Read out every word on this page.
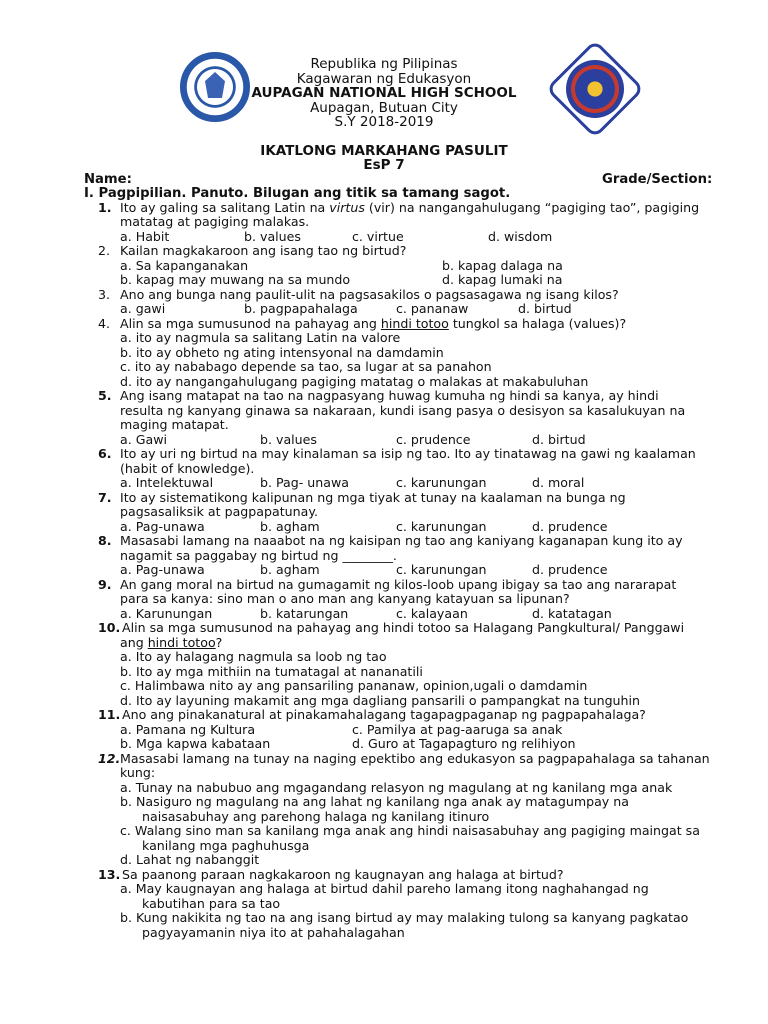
Republika ng Pilipinas
Kagawaran ng Edukasyon
AUPAGAN NATIONAL HIGH SCHOOL
Aupagan, Butuan City
S.Y 2018-2019
IKATLONG MARKAHANG PASULIT
EsP 7
Name:	Grade/Section:
I. Pagpipilian. Panuto. Bilugan ang titik sa tamang sagot.
1. Ito ay galing sa salitang Latin na virtus (vir) na nangangahulugang “pagiging tao”, pagiging
matatag at pagiging malakas.
a. Habit	b. values	c. virtue	d. wisdom
2. Kailan magkakaroon ang isang tao ng birtud?
a. Sa kapanganakan	b. kapag dalaga na
b. kapag may muwang na sa mundo	d. kapag lumaki na
3. Ano ang bunga nang paulit-ulit na pagsasakilos o pagsasagawa ng isang kilos?
a. gawi	b. pagpapahalaga	c. pananaw	d. birtud
4. Alin sa mga sumusunod na pahayag ang hindi totoo tungkol sa halaga (values)?
a. ito ay nagmula sa salitang Latin na valore
b. ito ay obheto ng ating intensyonal na damdamin
c. ito ay nababago depende sa tao, sa lugar at sa panahon
d. ito ay nangangahulugang pagiging matatag o malakas at makabuluhan
5. Ang isang matapat na tao na nagpasyang huwag kumuha ng hindi sa kanya, ay hindi
resulta ng kanyang ginawa sa nakaraan, kundi isang pasya o desisyon sa kasalukuyan na
maging matapat.
a. Gawi	b. values	c. prudence	d. birtud
6. Ito ay uri ng birtud na may kinalaman sa isip ng tao. Ito ay tinatawag na gawi ng kaalaman
(habit of knowledge).
a. Intelektuwal	b. Pag- unawa	c. karunungan	d. moral
7. Ito ay sistematikong kalipunan ng mga tiyak at tunay na kaalaman na bunga ng
pagsasaliksik at pagpapatunay.
a. Pag-unawa	b. agham	c. karunungan	d. prudence
8. Masasabi lamang na naaabot na ng kaisipan ng tao ang kaniyang kaganapan kung ito ay
nagamit sa paggabay ng birtud ng ________.
a. Pag-unawa	b. agham	c. karunungan	d. prudence
9. An gang moral na birtud na gumagamit ng kilos-loob upang ibigay sa tao ang nararapat
para sa kanya: sino man o ano man ang kanyang katayuan sa lipunan?
a. Karunungan	b. katarungan	c. kalayaan	d. katatagan
10. Alin sa mga sumusunod na pahayag ang hindi totoo sa Halagang Pangkultural/ Panggawi
ang hindi totoo?
a. Ito ay halagang nagmula sa loob ng tao
b. Ito ay mga mithiin na tumatagal at nananatili
c. Halimbawa nito ay ang pansariling pananaw, opinion,ugali o damdamin
d. Ito ay layuning makamit ang mga dagliang pansarili o pampangkat na tunguhin
11. Ano ang pinakanatural at pinakamahalagang tagapagpaganap ng pagpapahalaga?
a. Pamana ng Kultura	c. Pamilya at pag-aaruga sa anak
b. Mga kapwa kabataan	d. Guro at Tagapagturo ng relihiyon
12. Masasabi lamang na tunay na naging epektibo ang edukasyon sa pagpapahalaga sa tahanan
kung:
a. Tunay na nabubuo ang mgagandang relasyon ng magulang at ng kanilang mga anak
b. Nasiguro ng magulang na ang lahat ng kanilang nga anak ay matagumpay na
naisasabuhay ang parehong halaga ng kanilang itinuro
c. Walang sino man sa kanilang mga anak ang hindi naisasabuhay ang pagiging maingat sa
kanilang mga paghuhusga
d. Lahat ng nabanggit
13. Sa paanong paraan nagkakaroon ng kaugnayan ang halaga at birtud?
a. May kaugnayan ang halaga at birtud dahil pareho lamang itong naghahangad ng
kabutihan para sa tao
b. Kung nakikita ng tao na ang isang birtud ay may malaking tulong sa kanyang pagkatao
pagyayamanin niya ito at pahahalagahan
